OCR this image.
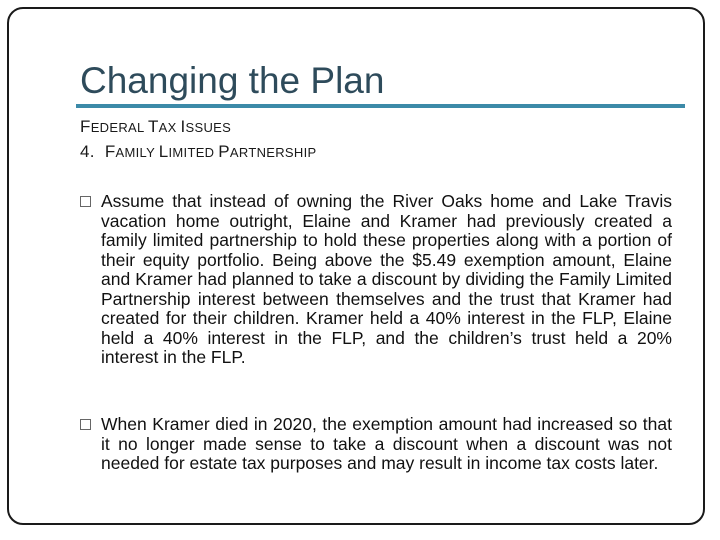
Changing the Plan
FEDERAL TAX ISSUES
4. FAMILY LIMITED PARTNERSHIP
Assume that instead of owning the River Oaks home and Lake Travis vacation home outright, Elaine and Kramer had previously created a family limited partnership to hold these properties along with a portion of their equity portfolio. Being above the $5.49 exemption amount, Elaine and Kramer had planned to take a discount by dividing the Family Limited Partnership interest between themselves and the trust that Kramer had created for their children. Kramer held a 40% interest in the FLP, Elaine held a 40% interest in the FLP, and the children’s trust held a 20% interest in the FLP.
When Kramer died in 2020, the exemption amount had increased so that it no longer made sense to take a discount when a discount was not needed for estate tax purposes and may result in income tax costs later.
